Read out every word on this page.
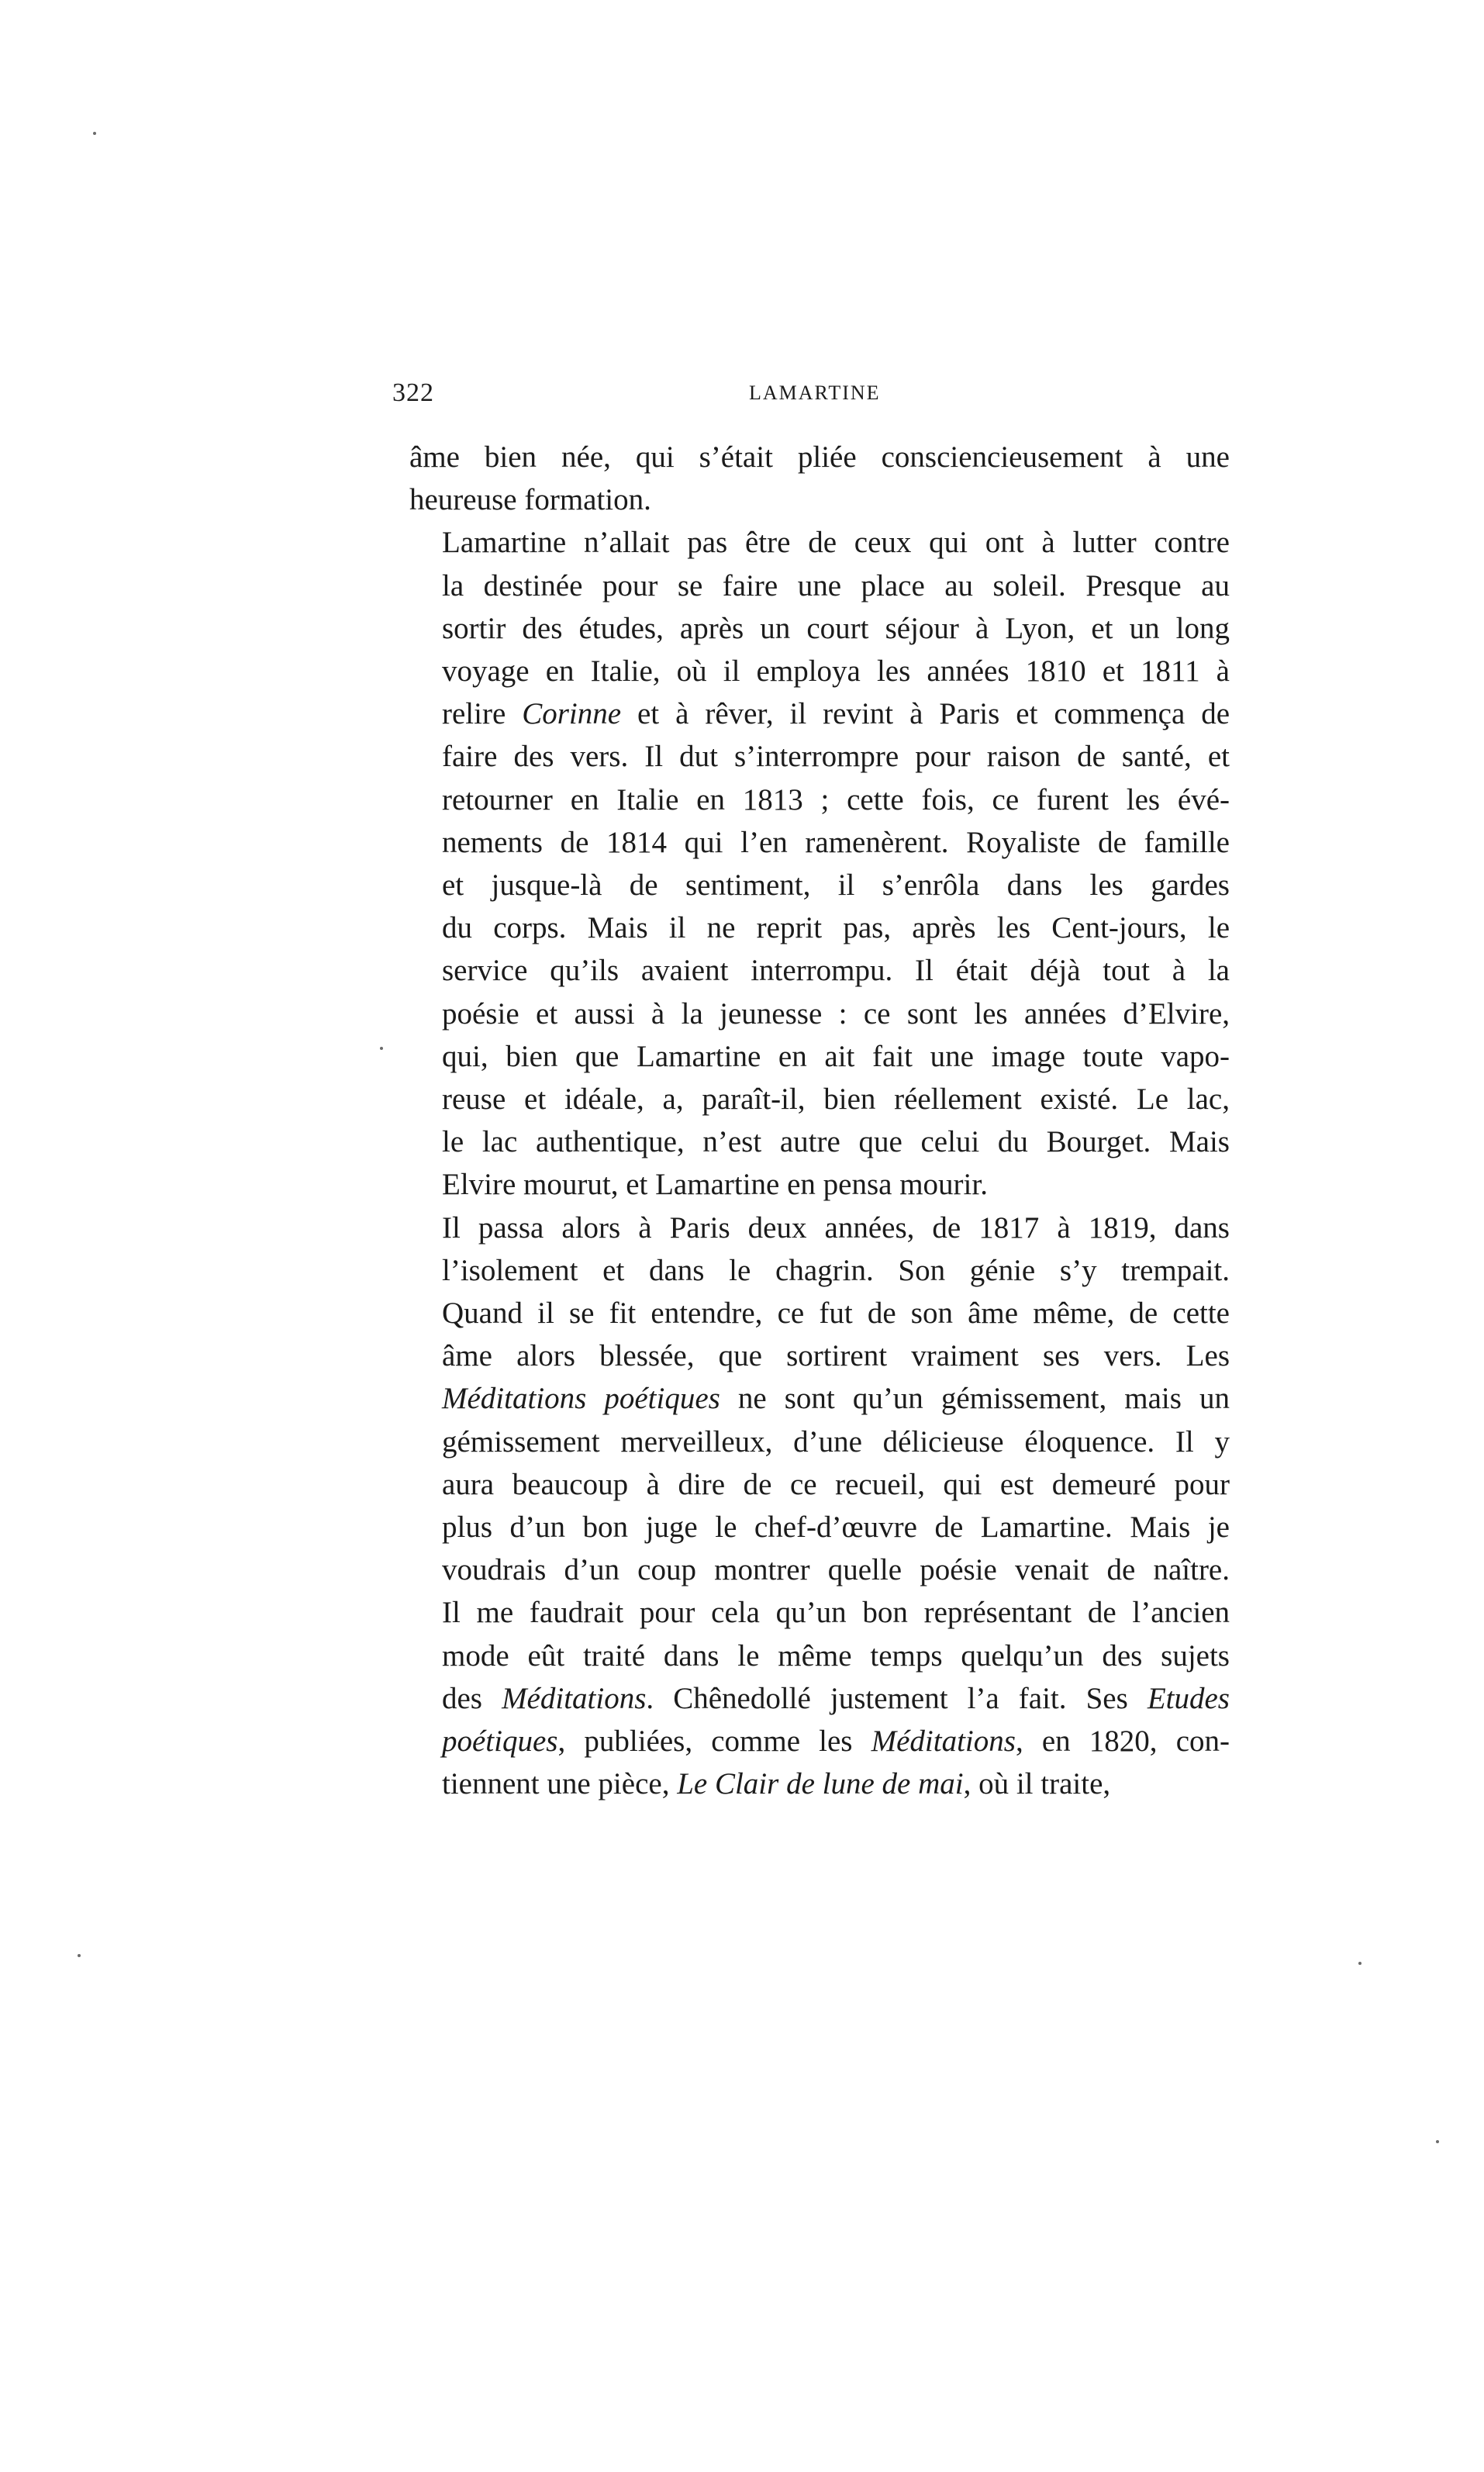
322	LAMARTINE

âme bien née, qui s’était pliée consciencieusement à une
heureuse formation.

Lamartine n’allait pas être de ceux qui ont à lutter contre
la destinée pour se faire une place au soleil. Presque au
sortir des études, après un court séjour à Lyon, et un long
voyage en Italie, où il employa les années 1810 et 1811 à
relire Corinne et à rêver, il revint à Paris et commença de
faire des vers. Il dut s’interrompre pour raison de santé, et
retourner en Italie en 1813 ; cette fois, ce furent les évé-
nements de 1814 qui l’en ramenèrent. Royaliste de famille
et jusque-là de sentiment, il s’enrôla dans les gardes
du corps. Mais il ne reprit pas, après les Cent-jours, le
service qu’ils avaient interrompu. Il était déjà tout à la
poésie et aussi à la jeunesse : ce sont les années d’Elvire,
qui, bien que Lamartine en ait fait une image toute vapo-
reuse et idéale, a, paraît-il, bien réellement existé. Le lac,
le lac authentique, n’est autre que celui du Bourget. Mais
Elvire mourut, et Lamartine en pensa mourir.

Il passa alors à Paris deux années, de 1817 à 1819, dans
l’isolement et dans le chagrin. Son génie s’y trempait.
Quand il se fit entendre, ce fut de son âme même, de cette
âme alors blessée, que sortirent vraiment ses vers. Les
Méditations poétiques ne sont qu’un gémissement, mais un
gémissement merveilleux, d’une délicieuse éloquence. Il y
aura beaucoup à dire de ce recueil, qui est demeuré pour
plus d’un bon juge le chef-d’œuvre de Lamartine. Mais je
voudrais d’un coup montrer quelle poésie venait de naître.
Il me faudrait pour cela qu’un bon représentant de l’ancien
mode eût traité dans le même temps quelqu’un des sujets
des Méditations. Chênedollé justement l’a fait. Ses Etudes
poétiques, publiées, comme les Méditations, en 1820, con-
tiennent une pièce, Le Clair de lune de mai, où il traite,
